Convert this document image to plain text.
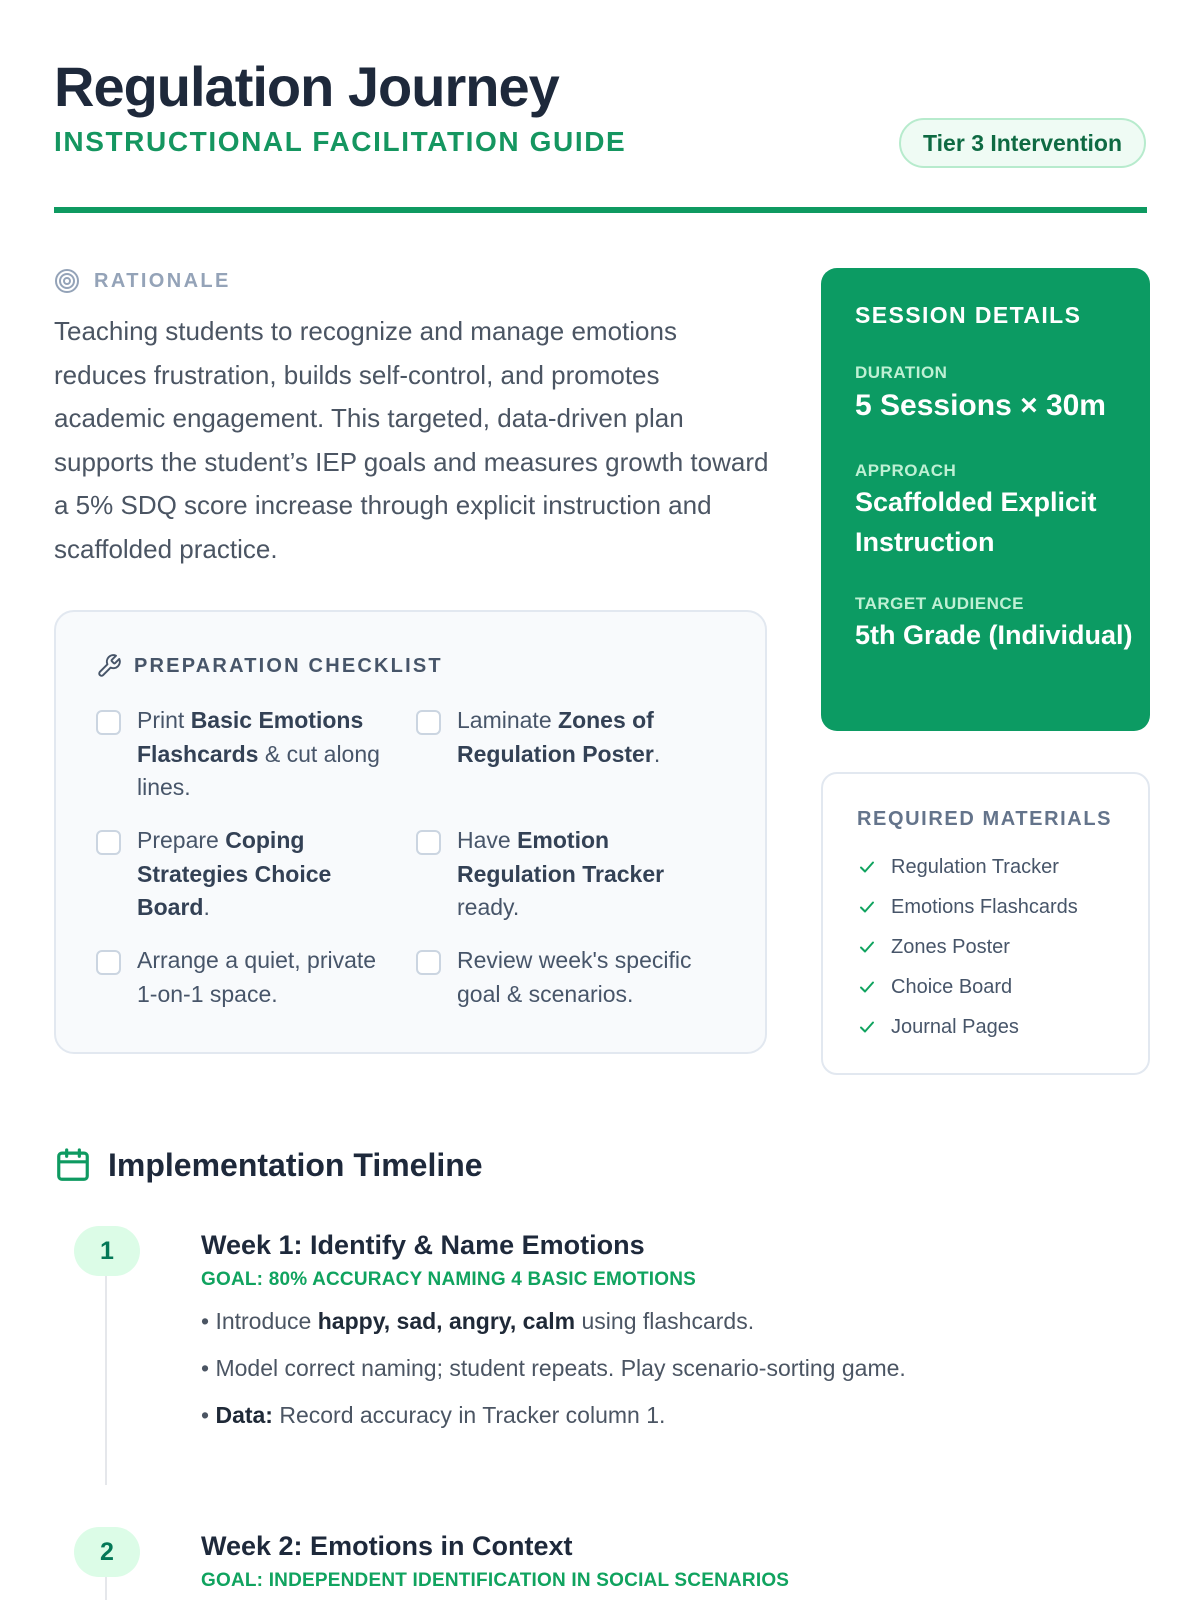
Regulation Journey
INSTRUCTIONAL FACILITATION GUIDE	Tier 3 Intervention
RATIONALE

Teaching students to recognize and manage emotions reduces frustration, builds self-control, and promotes academic engagement. This targeted, data-driven plan supports the student’s IEP goals and measures growth toward a 5% SDQ score increase through explicit instruction and scaffolded practice.

PREPARATION CHECKLIST
Print Basic Emotions Flashcards & cut along lines.
Laminate Zones of Regulation Poster.
Prepare Coping Strategies Choice Board.
Have Emotion Regulation Tracker ready.
Arrange a quiet, private 1-on-1 space.
Review week's specific goal & scenarios.
SESSION DETAILS
DURATION
5 Sessions × 30m
APPROACH
Scaffolded Explicit Instruction
TARGET AUDIENCE
5th Grade (Individual)
REQUIRED MATERIALS
Regulation Tracker
Emotions Flashcards
Zones Poster
Choice Board
Journal Pages
Implementation Timeline
1	Week 1: Identify & Name Emotions
GOAL: 80% ACCURACY NAMING 4 BASIC EMOTIONS
• Introduce happy, sad, angry, calm using flashcards.
• Model correct naming; student repeats. Play scenario-sorting game.
• Data: Record accuracy in Tracker column 1.
2	Week 2: Emotions in Context
GOAL: INDEPENDENT IDENTIFICATION IN SOCIAL SCENARIOS
